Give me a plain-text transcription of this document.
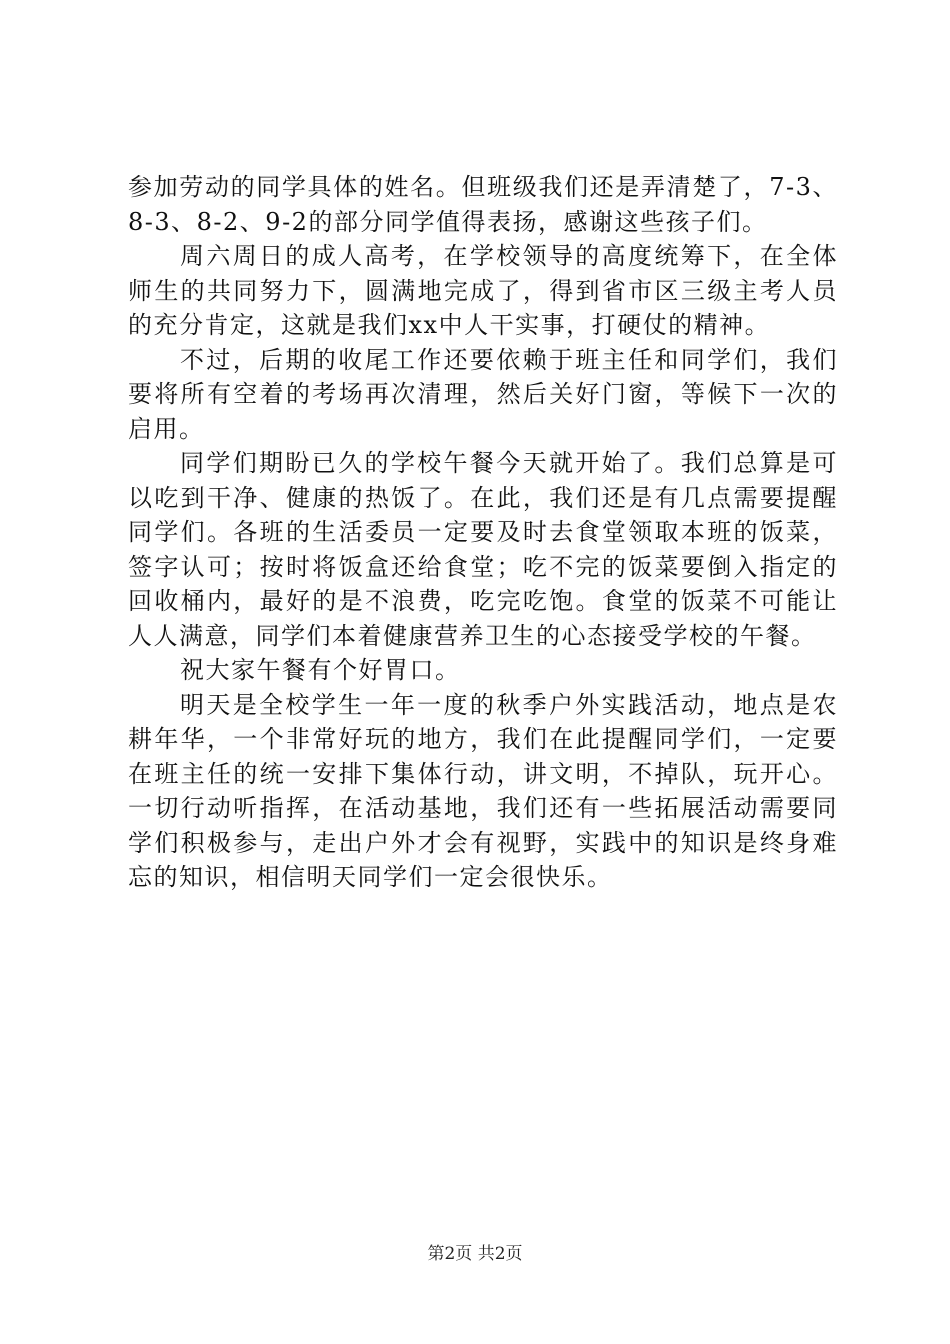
参加劳动的同学具体的姓名。但班级我们还是弄清楚了，7-3、8-3、8-2、9-2的部分同学值得表扬，感谢这些孩子们。

周六周日的成人高考，在学校领导的高度统筹下，在全体师生的共同努力下，圆满地完成了，得到省市区三级主考人员的充分肯定，这就是我们xx中人干实事，打硬仗的精神。

不过，后期的收尾工作还要依赖于班主任和同学们，我们要将所有空着的考场再次清理，然后关好门窗，等候下一次的启用。

同学们期盼已久的学校午餐今天就开始了。我们总算是可以吃到干净、健康的热饭了。在此，我们还是有几点需要提醒同学们。各班的生活委员一定要及时去食堂领取本班的饭菜，签字认可；按时将饭盒还给食堂；吃不完的饭菜要倒入指定的回收桶内，最好的是不浪费，吃完吃饱。食堂的饭菜不可能让人人满意，同学们本着健康营养卫生的心态接受学校的午餐。

祝大家午餐有个好胃口。

明天是全校学生一年一度的秋季户外实践活动，地点是农耕年华，一个非常好玩的地方，我们在此提醒同学们，一定要在班主任的统一安排下集体行动，讲文明，不掉队，玩开心。一切行动听指挥，在活动基地，我们还有一些拓展活动需要同学们积极参与，走出户外才会有视野，实践中的知识是终身难忘的知识，相信明天同学们一定会很快乐。

第2页 共2页
